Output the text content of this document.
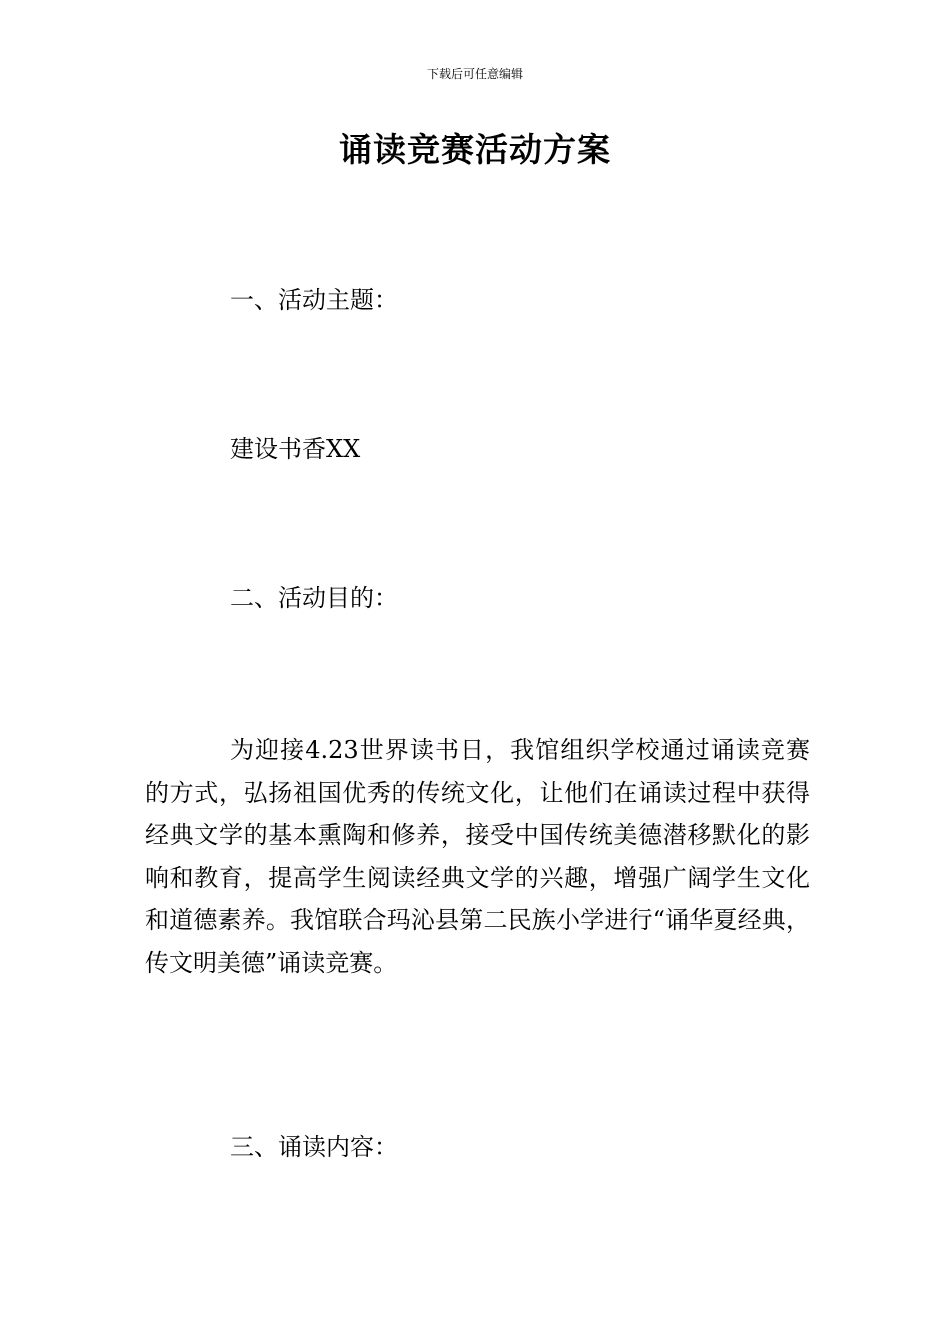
下载后可任意编辑
诵读竞赛活动方案
一、活动主题：
建设书香XX
二、活动目的：

为迎接4.23世界读书日，我馆组织学校通过诵读竞赛的方式，弘扬祖国优秀的传统文化，让他们在诵读过程中获得经典文学的基本熏陶和修养，接受中国传统美德潜移默化的影响和教育，提高学生阅读经典文学的兴趣，增强广阔学生文化和道德素养。我馆联合玛沁县第二民族小学进行“诵华夏经典，传文明美德”诵读竞赛。

三、诵读内容：
